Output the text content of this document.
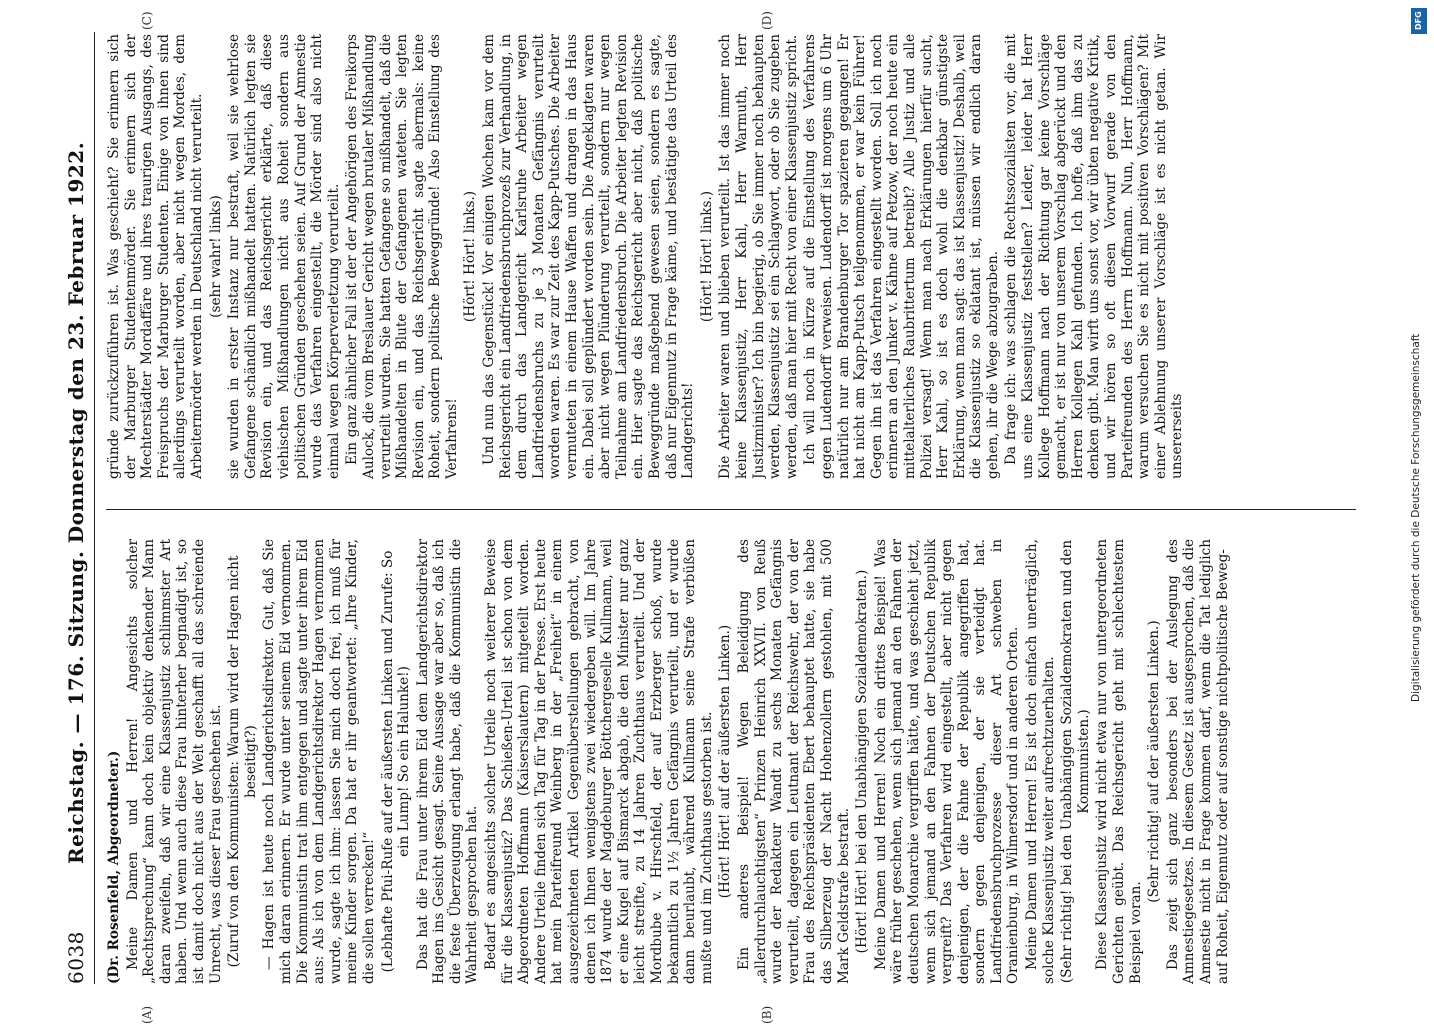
6038
Reichstag. — 176. Sitzung. Donnerstag den 23. Februar 1922.

(Dr. Rosenfeld, Abgeordneter.) Meine Damen und Herren! Angesichts solcher „Rechtsprechung“ kann doch kein objektiv denkender Mann daran zweifeln, daß wir eine Klassenjustiz schlimmster Art haben. Und wenn auch diese Frau hinterher begnadigt ist, so ist damit doch nicht aus der Welt geschafft all das schreiende Unrecht, was dieser Frau geschehen ist. (Zuruf von den Kommunisten: Warum wird der Hagen nicht beseitigt?) — Hagen ist heute noch Landgerichtsdirektor. Gut, daß Sie mich daran erinnern. Er wurde unter seinem Eid vernommen. Die Kommunistin trat ihm entgegen und sagte unter ihrem Eid aus: Als ich von dem Landgerichtsdirektor Hagen vernommen wurde, sagte ich ihm: lassen Sie mich doch frei, ich muß für meine Kinder sorgen. Da hat er ihr geantwortet: „Ihre Kinder, die sollen verrecken!“ (Lebhafte Pfui-Rufe auf der äußersten Linken und Zurufe: So ein Lump! So ein Halunke!) Das hat die Frau unter ihrem Eid dem Landgerichtsdirektor Hagen ins Gesicht gesagt. Seine Aussage war aber so, daß ich die feste Überzeugung erlangt habe, daß die Kommunistin die Wahrheit gesprochen hat. Bedarf es angesichts solcher Urteile noch weiterer Beweise für die Klassenjustiz? Das Schießen-Urteil ist schon von dem Abgeordneten Hoffmann (Kaiserslautern) mitgeteilt worden. Andere Urteile finden sich Tag für Tag in der Presse. Erst heute hat mein Parteifreund Weinberg in der „Freiheit“ in einem ausgezeichneten Artikel Gegenüberstellungen gebracht, von denen ich Ihnen wenigstens zwei wiedergeben will. Im Jahre 1874 wurde der Magdeburger Böttchergeselle Kullmann, weil er eine Kugel auf Bismarck abgab, die den Minister nur ganz leicht streifte, zu 14 Jahren Zuchthaus verurteilt. Und der Mordbube v. Hirschfeld, der auf Erzberger schoß, wurde bekanntlich zu 1½ Jahren Gefängnis verurteilt, und er wurde dann beurlaubt, während Kullmann seine Strafe verbüßen mußte und im Zuchthaus gestorben ist. (Hört! Hört! auf der äußersten Linken.) Ein anderes Beispiel! Wegen Beleidigung des „allerdurchlauchtigsten“ Prinzen Heinrich XXVII. von Reuß wurde der Redakteur Wandt zu sechs Monaten Gefängnis verurteilt, dagegen ein Leutnant der Reichswehr, der von der Frau des Reichspräsidenten Ebert behauptet hatte, sie habe das Silberzeug der Nacht Hohenzollern gestohlen, mit 500 Mark Geldstrafe bestraft. (Hört! Hört! bei den Unabhängigen Sozialdemokraten.) Meine Damen und Herren! Noch ein drittes Beispiel! Was wäre früher geschehen, wenn sich jemand an den Fahnen der deutschen Monarchie vergriffen hätte, und was geschieht jetzt, wenn sich jemand an den Fahnen der Deutschen Republik vergreift? Das Verfahren wird eingestellt, aber nicht gegen denjenigen, der die Fahne der Republik angegriffen hat, sondern gegen denjenigen, der sie verteidigt hat. Landfriedensbruchprozesse dieser Art schweben in Oranienburg, in Wilmersdorf und in anderen Orten. Meine Damen und Herren! Es ist doch einfach unerträglich, solche Klassenjustiz weiter aufrechtzuerhalten. (Sehr richtig! bei den Unabhängigen Sozialdemokraten und den Kommunisten.) Diese Klassenjustiz wird nicht etwa nur von untergeordneten Gerichten geübt. Das Reichsgericht geht mit schlechtestem Beispiel voran.

(Sehr richtig! auf der äußersten Linken.) Das zeigt sich ganz besonders bei der Auslegung des Amnestiegesetzes. In diesem Gesetz ist ausgesprochen, daß die Amnestie nicht in Frage kommen darf, wenn die Tat lediglich auf Roheit, Eigennutz oder auf sonstige nichtpolitische Beweg-

gründe zurückzuführen ist. Was geschieht? Sie erinnern sich der Marburger Studentenmörder. Sie erinnern sich der Mechterstädter Mordaffäre und ihres traurigen Ausgangs, des Freispruchs der Marburger Studenten. Einige von ihnen sind allerdings verurteilt worden, aber nicht wegen Mordes, dem Arbeitermörder werden in Deutschland nicht verurteilt. (sehr wahr! links) sie wurden in erster Instanz nur bestraft, weil sie wehrlose Gefangene schändlich mißhandelt hatten. Natürlich legten sie Revision ein, und das Reichsgericht erklärte, daß diese viehischen Mißhandlungen nicht aus Roheit sondern aus politischen Gründen geschehen seien. Auf Grund der Amnestie wurde das Verfahren eingestellt, die Mörder sind also nicht einmal wegen Körperverletzung verurteilt. Ein ganz ähnlicher Fall ist der der Angehörigen des Freikorps Aulock, die vom Breslauer Gericht wegen brutaler Mißhandlung verurteilt wurden. Sie hatten Gefangene so mißhandelt, daß die Mißhandelten in Blute der Gefangenen wateten. Sie legten Revision ein, und das Reichsgericht sagte abermals: keine Roheit, sondern politische Beweggründe! Also Einstellung des Verfahrens!

(Hört! Hört! links.) Und nun das Gegenstück! Vor einigen Wochen kam vor dem Reichsgericht ein Landfriedensbruchprozeß zur Verhandlung, in dem durch das Landgericht Karlsruhe Arbeiter wegen Landfriedensbruchs zu je 3 Monaten Gefängnis verurteilt worden waren. Es war zur Zeit des Kapp-Putsches. Die Arbeiter vermuteten in einem Hause Waffen und drangen in das Haus ein. Dabei soll geplündert worden sein. Die Angeklagten waren aber nicht wegen Plünderung verurteilt, sondern nur wegen Teilnahme am Landfriedensbruch. Die Arbeiter legten Revision ein. Hier sagte das Reichsgericht aber nicht, daß politische Beweggründe maßgebend gewesen seien, sondern es sagte, daß nur Eigennutz in Frage käme, und bestätigte das Urteil des Landgerichts!

(Hört! Hört! links.) Die Arbeiter waren und blieben verurteilt. Ist das immer noch keine Klassenjustiz, Herr Kahl, Herr Warmuth, Herr Justizminister? Ich bin begierig, ob Sie immer noch behaupten werden, Klassenjustiz sei ein Schlagwort, oder ob Sie zugeben werden, daß man hier mit Recht von einer Klassenjustiz spricht. Ich will noch in Kürze auf die Einstellung des Verfahrens gegen Ludendorff verweisen. Ludendorff ist morgens um 6 Uhr natürlich nur am Brandenburger Tor spazieren gegangen! Er hat nicht am Kapp-Putsch teilgenommen, er war kein Führer! Gegen ihn ist das Verfahren eingestellt worden. Soll ich noch erinnern an den Junker v. Kähne auf Petzow, der noch heute ein mittelalterliches Raubrittertum betreibt? Alle Justiz und alle Polizei versagt! Wenn man nach Erklärungen hierfür sucht, Herr Kahl, so ist es doch wohl die denkbar günstigste Erklärung, wenn man sagt: das ist Klassenjustiz! Deshalb, weil die Klassenjustiz so eklatant ist, müssen wir endlich daran gehen, ihr die Wege abzugraben. Da frage ich: was schlagen die Rechtssozialisten vor, die mit uns eine Klassenjustiz feststellen? Leider, leider hat Herr Kollege Hoffmann nach der Richtung gar keine Vorschläge gemacht, er ist nur von unserem Vorschlag abgerückt und den Herren Kollegen Kahl gefunden. Ich hoffe, daß ihm das zu denken gibt. Man wirft uns sonst vor, wir übten negative Kritik, und wir hören so oft diesen Vorwurf gerade von den Parteifreunden des Herrn Hoffmann. Nun, Herr Hoffmann, warum versuchen Sie es nicht mit positiven Vorschlägen? Mit einer Ablehnung unserer Vorschläge ist es nicht getan. Wir unsererseits

(A)	(B)
(C)	(D)	DFG
Digitalisierung gefördert durch die Deutsche Forschungsgemeinschaft
